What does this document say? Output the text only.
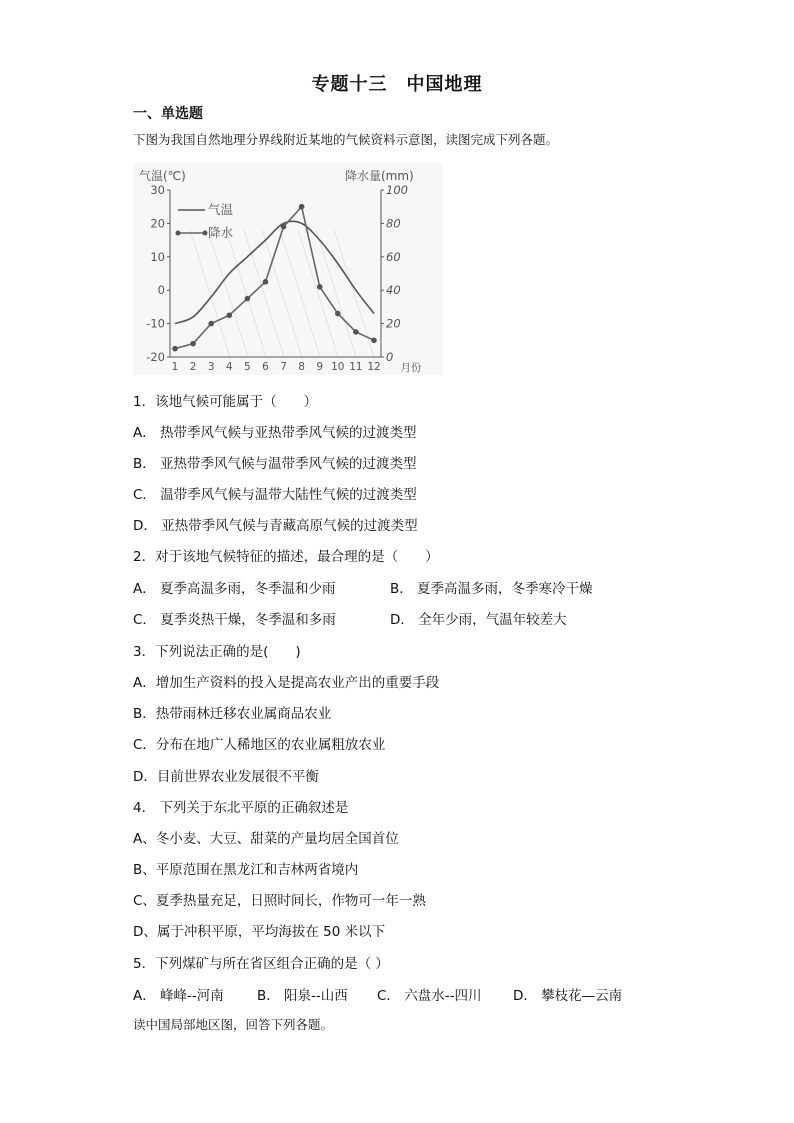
专题十三　中国地理
一、单选题
下图为我国自然地理分界线附近某地的气候资料示意图，读图完成下列各题。
气温(℃)	降水量(mm)
30
20
10
0
-10
-20
100
80
60
40
20
0
1 2 3 4 5 6 7 8 9 10 11 12 月份
气温
降水
1．该地气候可能属于（　　）
A． 热带季风气候与亚热带季风气候的过渡类型
B． 亚热带季风气候与温带季风气候的过渡类型
C． 温带季风气候与温带大陆性气候的过渡类型
D． 亚热带季风气候与青藏高原气候的过渡类型
2．对于该地气候特征的描述，最合理的是（　　）
A． 夏季高温多雨，冬季温和少雨	B． 夏季高温多雨，冬季寒冷干燥
C． 夏季炎热干燥，冬季温和多雨	D． 全年少雨，气温年较差大
3．下列说法正确的是(　　)
A．增加生产资料的投入是提高农业产出的重要手段
B．热带雨林迁移农业属商品农业
C．分布在地广人稀地区的农业属粗放农业
D．目前世界农业发展很不平衡
4． 下列关于东北平原的正确叙述是
A、冬小麦、大豆、甜菜的产量均居全国首位
B、平原范围在黑龙江和吉林两省境内
C、夏季热量充足，日照时间长，作物可一年一熟
D、属于冲积平原，平均海拔在 50 米以下
5．下列煤矿与所在省区组合正确的是（ ）
A． 峰峰--河南 B． 阳泉--山西 C． 六盘水--四川 D． 攀枝花—云南
读中国局部地区图，回答下列各题。
